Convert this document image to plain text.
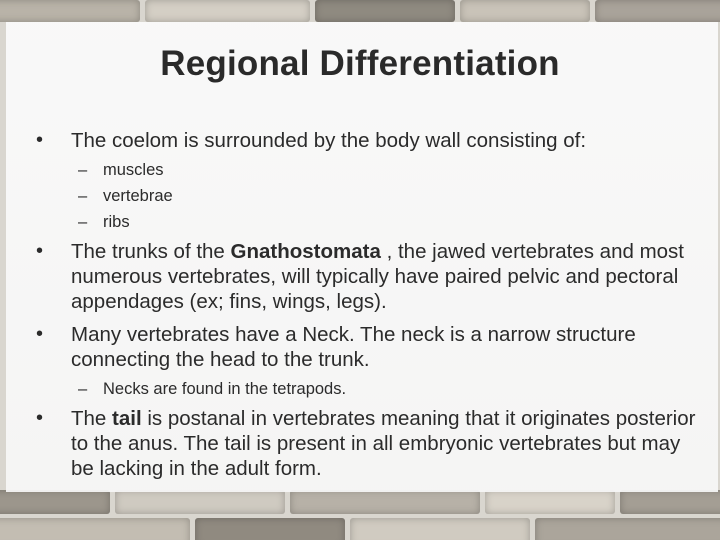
Regional Differentiation
• The coelom is surrounded by the body wall consisting of:
– muscles
– vertebrae
– ribs
• The trunks of the Gnathostomata , the jawed vertebrates and most numerous vertebrates, will typically have paired pelvic and pectoral appendages (ex; fins, wings, legs).
• Many vertebrates have a Neck. The neck is a narrow structure connecting the head to the trunk.
– Necks are found in the tetrapods.
• The tail is postanal in vertebrates meaning that it originates posterior to the anus. The tail is present in all embryonic vertebrates but may be lacking in the adult form.
